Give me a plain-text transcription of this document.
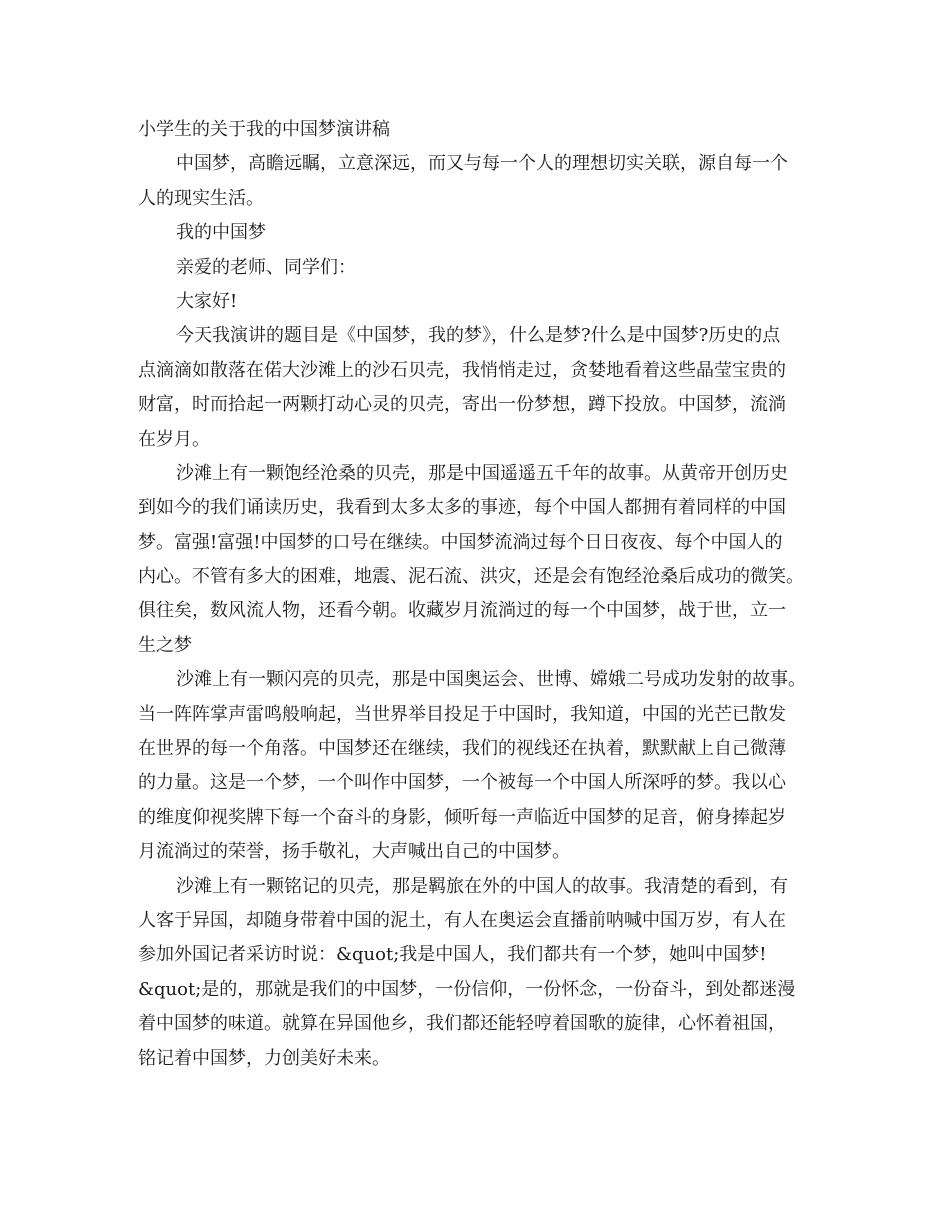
小学生的关于我的中国梦演讲稿
中国梦，高瞻远瞩，立意深远，而又与每一个人的理想切实关联，源自每一个
人的现实生活。
我的中国梦
亲爱的老师、同学们：
大家好!
今天我演讲的题目是《中国梦，我的梦》，什么是梦?什么是中国梦?历史的点
点滴滴如散落在偌大沙滩上的沙石贝壳，我悄悄走过，贪婪地看着这些晶莹宝贵的
财富，时而拾起一两颗打动心灵的贝壳，寄出一份梦想，蹲下投放。中国梦，流淌
在岁月。
沙滩上有一颗饱经沧桑的贝壳，那是中国遥遥五千年的故事。从黄帝开创历史
到如今的我们诵读历史，我看到太多太多的事迹，每个中国人都拥有着同样的中国
梦。富强!富强!中国梦的口号在继续。中国梦流淌过每个日日夜夜、每个中国人的
内心。不管有多大的困难，地震、泥石流、洪灾，还是会有饱经沧桑后成功的微笑。
俱往矣，数风流人物，还看今朝。收藏岁月流淌过的每一个中国梦，战于世，立一
生之梦
沙滩上有一颗闪亮的贝壳，那是中国奥运会、世博、嫦娥二号成功发射的故事。
当一阵阵掌声雷鸣般响起，当世界举目投足于中国时，我知道，中国的光芒已散发
在世界的每一个角落。中国梦还在继续，我们的视线还在执着，默默献上自己微薄
的力量。这是一个梦，一个叫作中国梦，一个被每一个中国人所深呼的梦。我以心
的维度仰视奖牌下每一个奋斗的身影，倾听每一声临近中国梦的足音，俯身捧起岁
月流淌过的荣誉，扬手敬礼，大声喊出自己的中国梦。
沙滩上有一颗铭记的贝壳，那是羁旅在外的中国人的故事。我清楚的看到，有
人客于异国，却随身带着中国的泥土，有人在奥运会直播前呐喊中国万岁，有人在
参加外国记者采访时说：&quot;我是中国人，我们都共有一个梦，她叫中国梦!
&quot;是的，那就是我们的中国梦，一份信仰，一份怀念，一份奋斗，到处都迷漫
着中国梦的味道。就算在异国他乡，我们都还能轻哼着国歌的旋律，心怀着祖国，
铭记着中国梦，力创美好未来。
